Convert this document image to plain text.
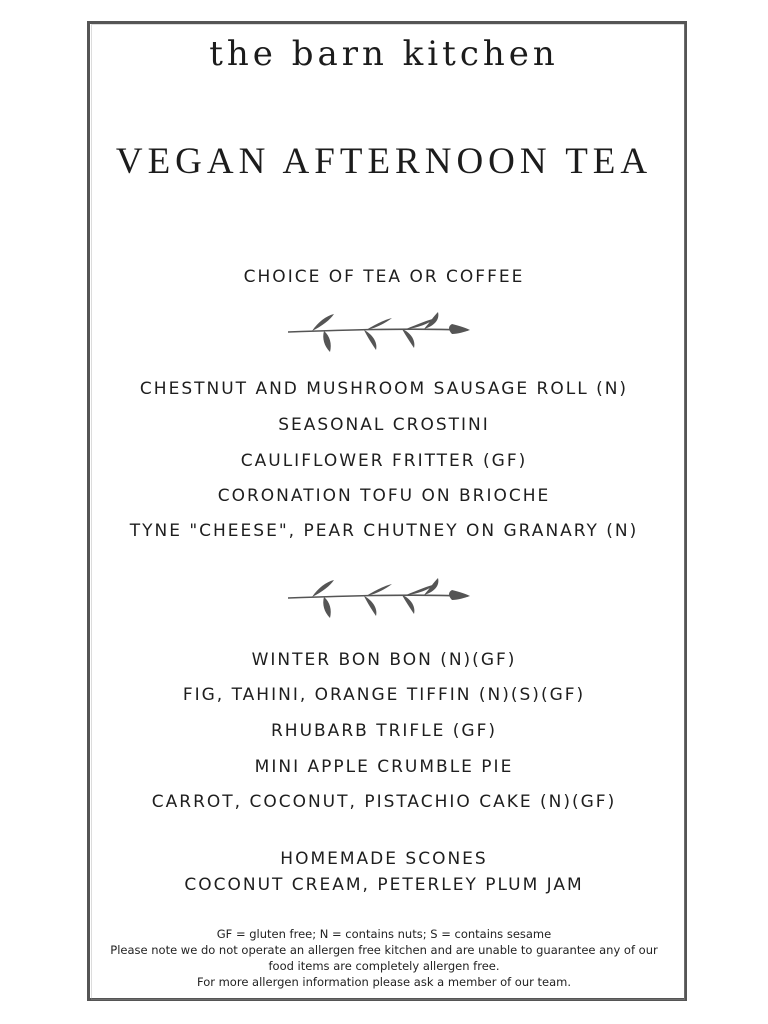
the barn kitchen
VEGAN AFTERNOON TEA
CHOICE OF TEA OR COFFEE
CHESTNUT AND MUSHROOM SAUSAGE ROLL (N)
SEASONAL CROSTINI
CAULIFLOWER FRITTER (GF)
CORONATION TOFU ON BRIOCHE
TYNE "CHEESE", PEAR CHUTNEY ON GRANARY (N)
WINTER BON BON (N)(GF)
FIG, TAHINI, ORANGE TIFFIN (N)(S)(GF)
RHUBARB TRIFLE (GF)
MINI APPLE CRUMBLE PIE
CARROT, COCONUT, PISTACHIO CAKE (N)(GF)
HOMEMADE SCONES
COCONUT CREAM, PETERLEY PLUM JAM
GF = gluten free; N = contains nuts; S = contains sesame
Please note we do not operate an allergen free kitchen and are unable to guarantee any of our
food items are completely allergen free.
For more allergen information please ask a member of our team.
